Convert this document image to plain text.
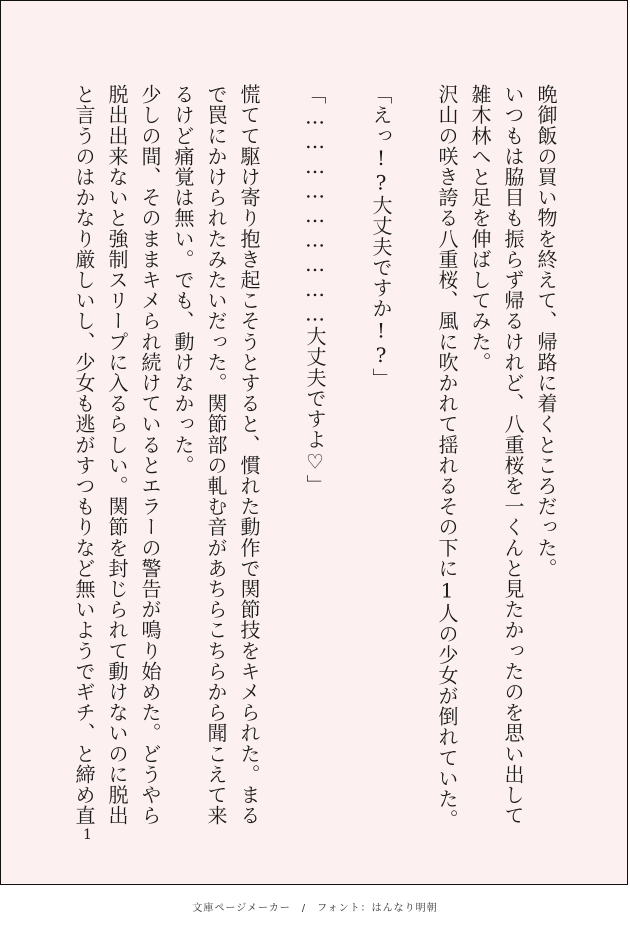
晩御飯の買い物を終えて、帰路に着くところだった。
いつもは脇目も振らず帰るけれど、八重桜を一くんと見たかったのを思い出して
雑木林へと足を伸ばしてみた。
沢山の咲き誇る八重桜、風に吹かれて揺れるその下に1人の少女が倒れていた。
「えっ!?大丈夫ですか!?」
「………………………大丈夫ですよ♡」
慌てて駆け寄り抱き起こそうとすると、慣れた動作で関節技をキメられた。まる
で罠にかけられたみたいだった。関節部の軋む音があちらこちらから聞こえて来
るけど痛覚は無い。でも、動けなかった。
少しの間、そのままキメられ続けているとエラーの警告が鳴り始めた。どうやら
脱出出来ないと強制スリープに入るらしい。関節を封じられて動けないのに脱出
と言うのはかなり厳しいし、少女も逃がすつもりなど無いようでギチ、と締め直
1
文庫ページメーカー　/　フォント：はんなり明朝
